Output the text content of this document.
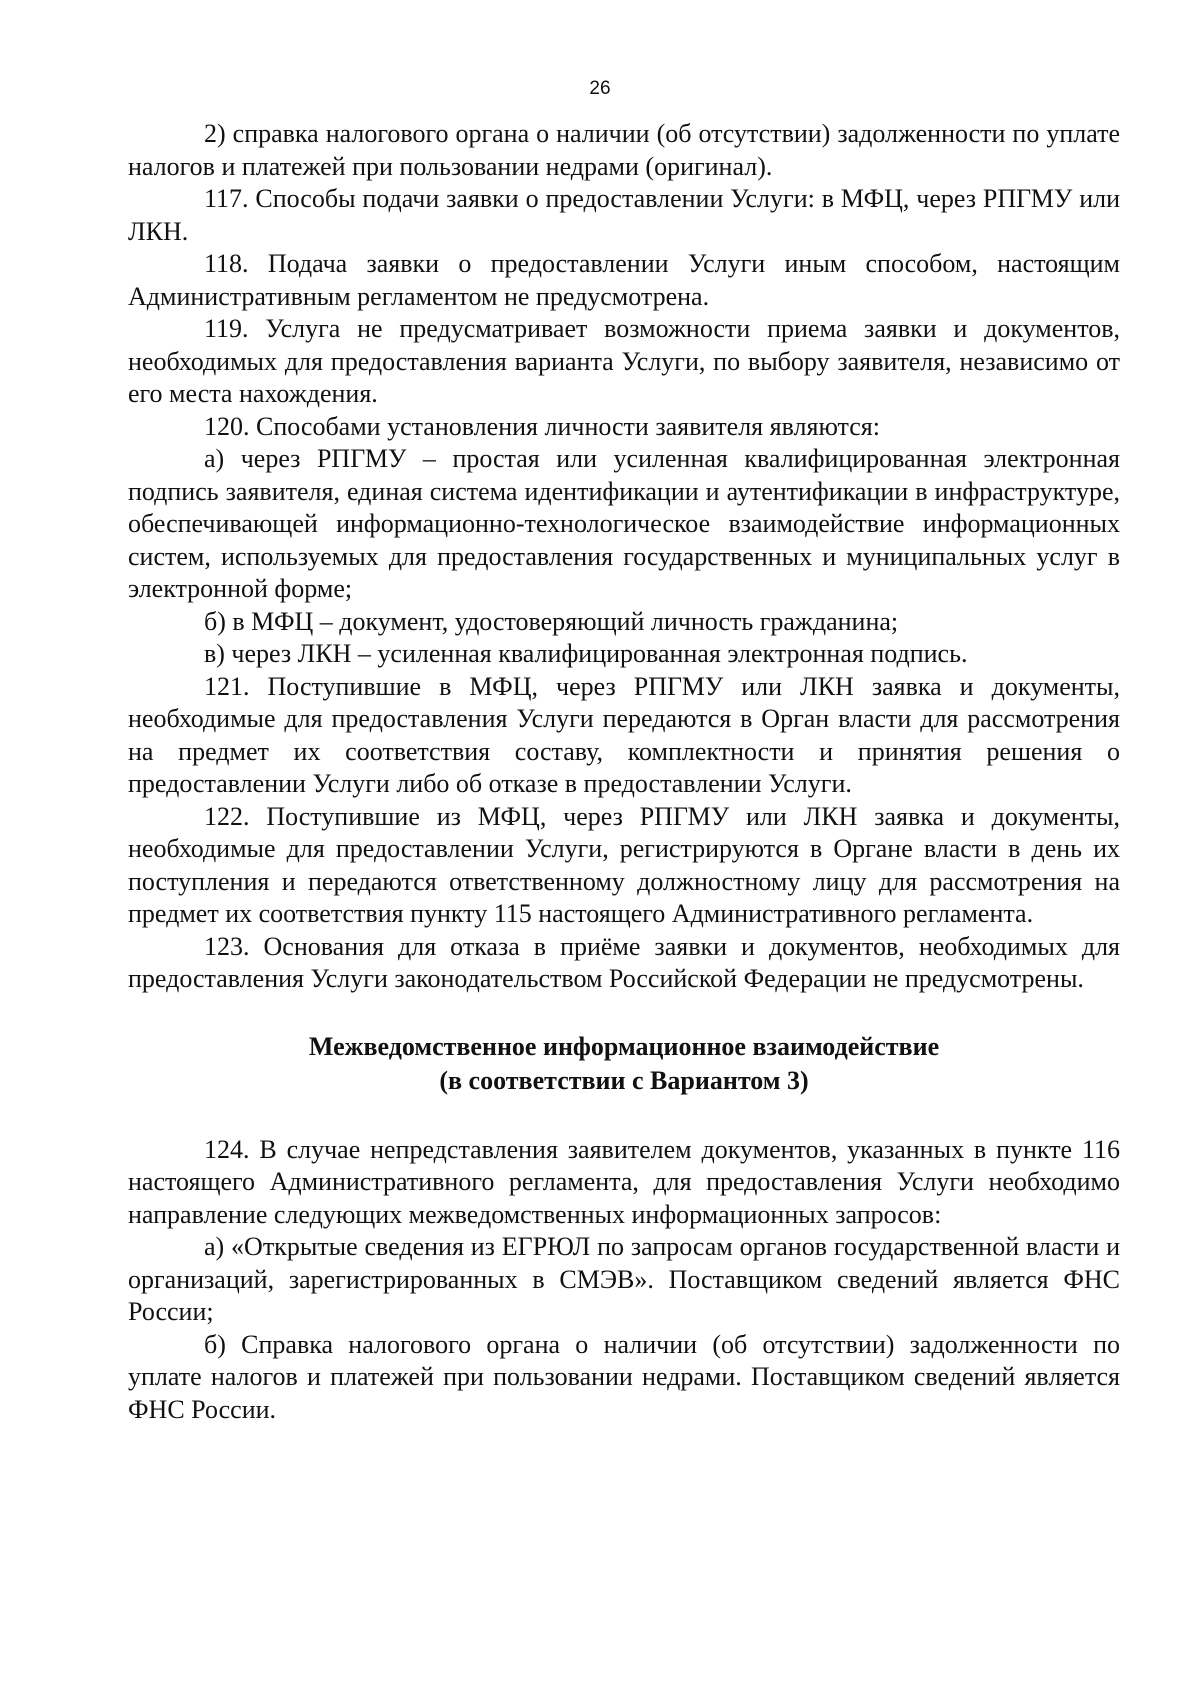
26

2) справка налогового органа о наличии (об отсутствии) задолженности по уплате налогов и платежей при пользовании недрами (оригинал).

117. Способы подачи заявки о предоставлении Услуги: в МФЦ, через РПГМУ или ЛКН.

118. Подача заявки о предоставлении Услуги иным способом, настоящим Административным регламентом не предусмотрена.

119. Услуга не предусматривает возможности приема заявки и документов, необходимых для предоставления варианта Услуги, по выбору заявителя, независимо от его места нахождения.

120. Способами установления личности заявителя являются:

а) через РПГМУ – простая или усиленная квалифицированная электронная подпись заявителя, единая система идентификации и аутентификации в инфраструктуре, обеспечивающей информационно-технологическое взаимодействие информационных систем, используемых для предоставления государственных и муниципальных услуг в электронной форме;

б) в МФЦ – документ, удостоверяющий личность гражданина;

в) через ЛКН – усиленная квалифицированная электронная подпись.

121. Поступившие в МФЦ, через РПГМУ или ЛКН заявка и документы, необходимые для предоставления Услуги передаются в Орган власти для рассмотрения на предмет их соответствия составу, комплектности и принятия решения о предоставлении Услуги либо об отказе в предоставлении Услуги.

122. Поступившие из МФЦ, через РПГМУ или ЛКН заявка и документы, необходимые для предоставлении Услуги, регистрируются в Органе власти в день их поступления и передаются ответственному должностному лицу для рассмотрения на предмет их соответствия пункту 115 настоящего Административного регламента.

123. Основания для отказа в приёме заявки и документов, необходимых для предоставления Услуги законодательством Российской Федерации не предусмотрены.

Межведомственное информационное взаимодействие
(в соответствии с Вариантом 3)

124. В случае непредставления заявителем документов, указанных в пункте 116 настоящего Административного регламента, для предоставления Услуги необходимо направление следующих межведомственных информационных запросов:

а) «Открытые сведения из ЕГРЮЛ по запросам органов государственной власти и организаций, зарегистрированных в СМЭВ». Поставщиком сведений является ФНС России;

б) Справка налогового органа о наличии (об отсутствии) задолженности по уплате налогов и платежей при пользовании недрами. Поставщиком сведений является ФНС России.
